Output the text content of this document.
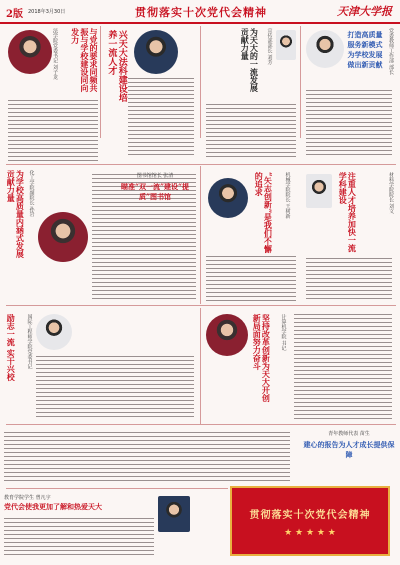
2版 2018年3月30日	贯彻落实十次党代会精神	天津大学报
与党的要求同频共振与学校建设同向发力
法学院党委书记 刘子龙	兴天大法科建设培养一流人才	为天大的一流发展贡献力量	宣传部部长 刘芳	党委教师工作部 部长
打造高质量服务新模式为学校发展做出新贡献
为学校高质量内涵式发展贡献力量	化工学院副院长 孙岩	瞄准“双一流”建设“提质”图书馆
图书馆馆长 张清	“矢志创新”是我们不懈的追求	机械学院院长 王树新	注重人才培养加快一流学科建设	材料学院院长 刘文
坚持改革创新为天大开创新局面努力奋斗	计算机学院 书记
励志一流 实干兴校 国际工程师学院党委书记
青年教师代表 苗生
建心的报告为人才成长提供保障
教育学院学生 曾凡宇
党代会使我更加了解和热爱天大
贯彻落实十次党代会精神
★ ★ ★ ★ ★
